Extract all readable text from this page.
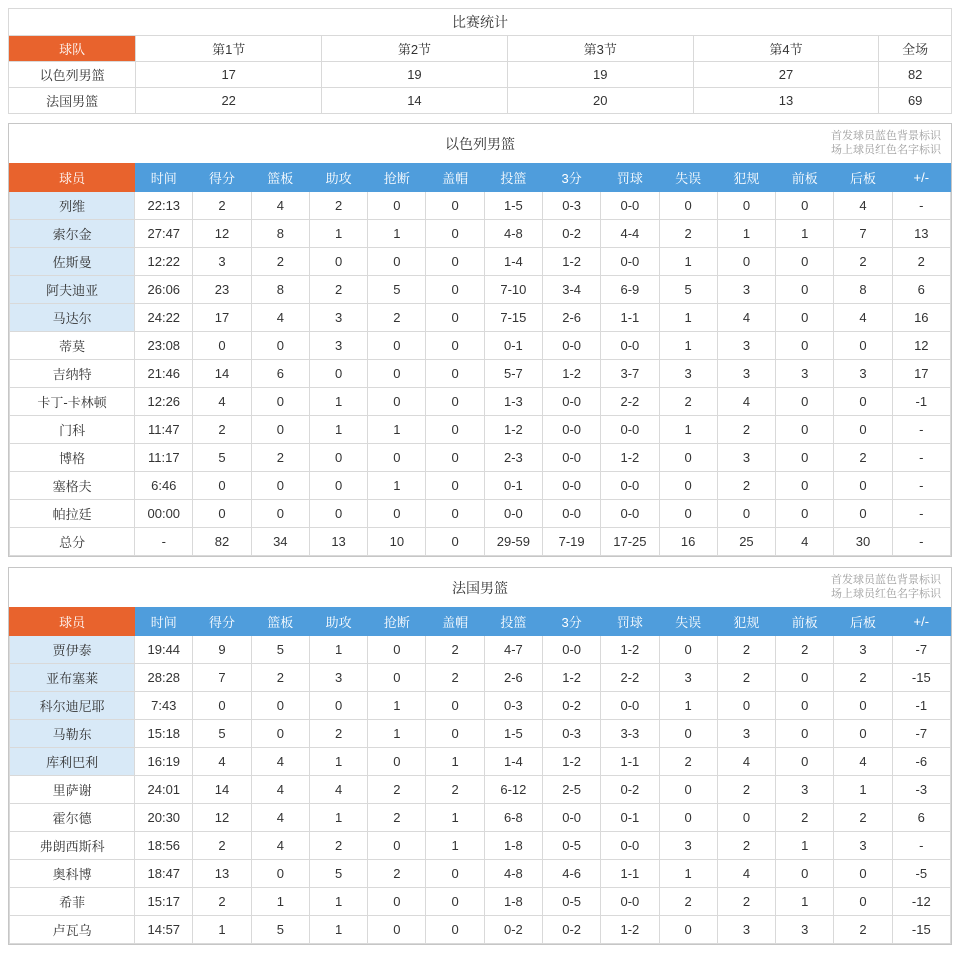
比赛统计					
球队	第1节	第2节	第3节	第4节	全场
以色列男篮	17	19	19	27	82
法国男篮	22	14	20	13	69
以色列男篮	首发球员蓝色背景标识
场上球员红色名字标识
球员	时间	得分	篮板	助攻	抢断	盖帽	投篮	3分	罚球	失误	犯规	前板	后板	+/-
列维	22:13	2	4	2	0	0	1-5	0-3	0-0	0	0	0	4	-
索尔金	27:47	12	8	1	1	0	4-8	0-2	4-4	2	1	1	7	13
佐斯曼	12:22	3	2	0	0	0	1-4	1-2	0-0	1	0	0	2	2
阿夫迪亚	26:06	23	8	2	5	0	7-10	3-4	6-9	5	3	0	8	6
马达尔	24:22	17	4	3	2	0	7-15	2-6	1-1	1	4	0	4	16
蒂莫	23:08	0	0	3	0	0	0-1	0-0	0-0	1	3	0	0	12
吉纳特	21:46	14	6	0	0	0	5-7	1-2	3-7	3	3	3	3	17
卡丁-卡林顿	12:26	4	0	1	0	0	1-3	0-0	2-2	2	4	0	0	-1
门科	11:47	2	0	1	1	0	1-2	0-0	0-0	1	2	0	0	-
博格	11:17	5	2	0	0	0	2-3	0-0	1-2	0	3	0	2	-
塞格夫	6:46	0	0	0	1	0	0-1	0-0	0-0	0	2	0	0	-
帕拉廷	00:00	0	0	0	0	0	0-0	0-0	0-0	0	0	0	0	-
总分	-	82	34	13	10	0	29-59	7-19	17-25	16	25	4	30	-
法国男篮	首发球员蓝色背景标识
场上球员红色名字标识
球员	时间	得分	篮板	助攻	抢断	盖帽	投篮	3分	罚球	失误	犯规	前板	后板	+/-
贾伊泰	19:44	9	5	1	0	2	4-7	0-0	1-2	0	2	2	3	-7
亚布塞莱	28:28	7	2	3	0	2	2-6	1-2	2-2	3	2	0	2	-15
科尔迪尼耶	7:43	0	0	0	1	0	0-3	0-2	0-0	1	0	0	0	-1
马勒东	15:18	5	0	2	1	0	1-5	0-3	3-3	0	3	0	0	-7
库利巴利	16:19	4	4	1	0	1	1-4	1-2	1-1	2	4	0	4	-6
里萨谢	24:01	14	4	4	2	2	6-12	2-5	0-2	0	2	3	1	-3
霍尔德	20:30	12	4	1	2	1	6-8	0-0	0-1	0	0	2	2	6
弗朗西斯科	18:56	2	4	2	0	1	1-8	0-5	0-0	3	2	1	3	-
奥科博	18:47	13	0	5	2	0	4-8	4-6	1-1	1	4	0	0	-5
希菲	15:17	2	1	1	0	0	1-8	0-5	0-0	2	2	1	0	-12
卢瓦乌	14:57	1	5	1	0	0	0-2	0-2	1-2	0	3	3	2	-15
